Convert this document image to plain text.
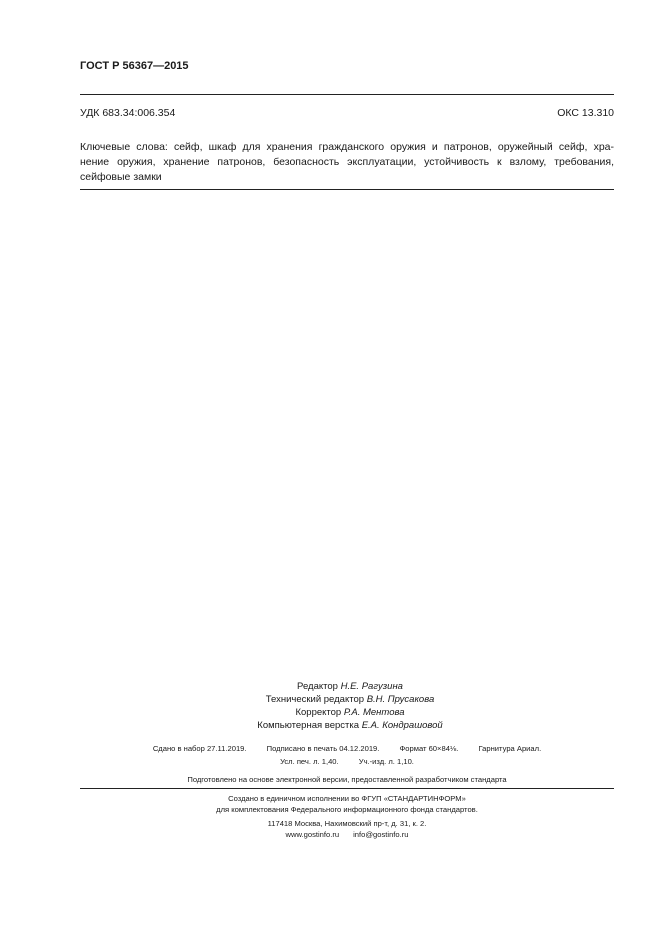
ГОСТ Р 56367—2015
УДК 683.34:006.354	ОКС 13.310
Ключевые слова: сейф, шкаф для хранения гражданского оружия и патронов, оружейный сейф, хра-
нение оружия, хранение патронов, безопасность эксплуатации, устойчивость к взлому, требования,
сейфовые замки
Редактор Н.Е. Рагузина
Технический редактор В.Н. Прусакова
Корректор Р.А. Ментова
Компьютерная верстка Е.А. Кондрашовой
Сдано в набор 27.11.2019.	Подписано в печать 04.12.2019.	Формат 60×84⅛.	Гарнитура Ариал.
Усл. печ. л. 1,40.	Уч.-изд. л. 1,10.
Подготовлено на основе электронной версии, предоставленной разработчиком стандарта
Создано в единичном исполнении во ФГУП «СТАНДАРТИНФОРМ»
для комплектования Федерального информационного фонда стандартов.
117418 Москва, Нахимовский пр-т, д. 31, к. 2.
www.gostinfo.ru info@gostinfo.ru
